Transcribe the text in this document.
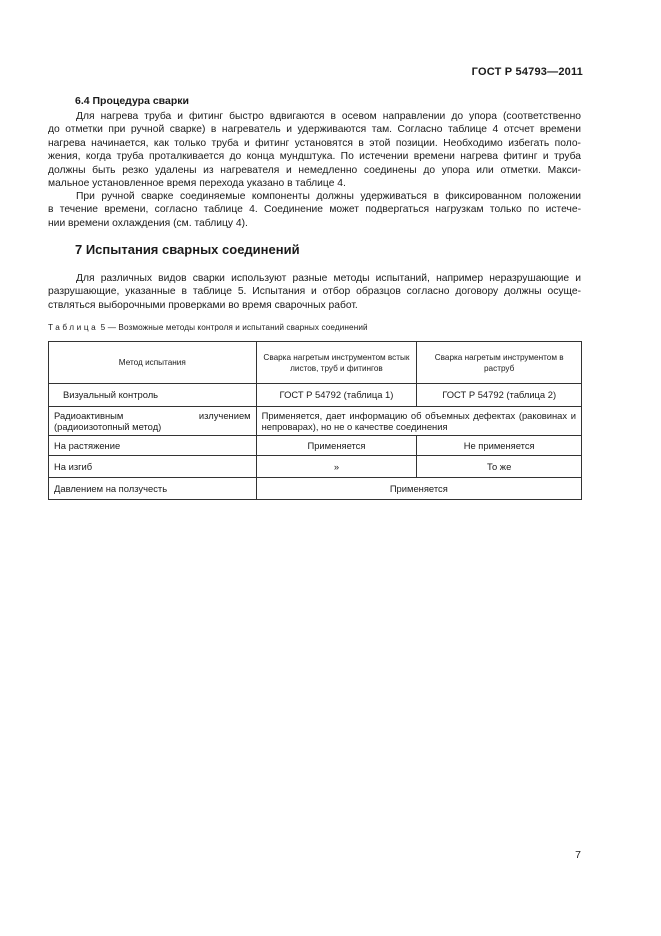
ГОСТ Р 54793—2011
6.4 Процедура сварки
Для нагрева труба и фитинг быстро вдвигаются в осевом направлении до упора (соответственно
до отметки при ручной сварке) в нагреватель и удерживаются там. Согласно таблице 4 отсчет времени
нагрева начинается, как только труба и фитинг установятся в этой позиции. Необходимо избегать поло-
жения, когда труба проталкивается до конца мундштука. По истечении времени нагрева фитинг и труба
должны быть резко удалены из нагревателя и немедленно соединены до упора или отметки. Макси-
мальное установленное время перехода указано в таблице 4.
При ручной сварке соединяемые компоненты должны удерживаться в фиксированном положении
в течение времени, согласно таблице 4. Соединение может подвергаться нагрузкам только по истече-
нии времени охлаждения (см. таблицу 4).
7 Испытания сварных соединений
Для различных видов сварки используют разные методы испытаний, например неразрушающие и
разрушающие, указанные в таблице 5. Испытания и отбор образцов согласно договору должны осуще-
ствляться выборочными проверками во время сварочных работ.
Таблица 5 — Возможные методы контроля и испытаний сварных соединений
Метод испытания	Сварка нагретым инструментом встык листов, труб и фитингов	Сварка нагретым инструментом в раструб
Визуальный контроль	ГОСТ Р 54792 (таблица 1)	ГОСТ Р 54792 (таблица 2)
Радиоактивным излучением (радиоизотопный метод)	Применяется, дает информацию об объемных дефектах (раковинах и непроварах), но не о качестве соединения	
На растяжение	Применяется	Не применяется
На изгиб	»	То же
Давлением на ползучесть	Применяется	
7
